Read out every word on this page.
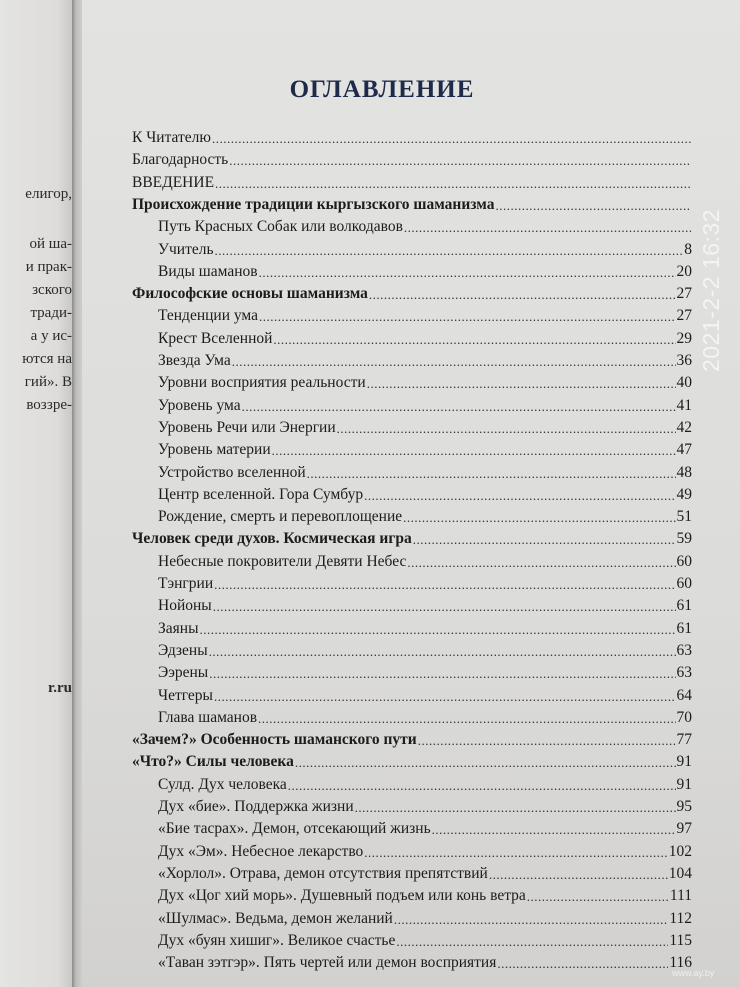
елигор,
ой ша-
и прак-
зского
тради-
а у ис-
ются на
гий». В
воззре-
r.ru
ОГЛАВЛЕНИЕ
К Читателю
.....
Благодарность
.....
ВВЕДЕНИЕ
.....
Происхождение традиции кыргызского шаманизма
.....
Путь Красных Собак или волкодавов
.....
Учитель .....	8
Виды шаманов .....	20
Философские основы шаманизма .....	27
Тенденции ума .....	27
Крест Вселенной .....	29
Звезда Ума .....	36
Уровни восприятия реальности .....	40
Уровень ума .....	41
Уровень Речи или Энергии .....	42
Уровень материи .....	47
Устройство вселенной .....	48
Центр вселенной. Гора Сумбур .....	49
Рождение, смерть и перевоплощение .....	51
Человек среди духов. Космическая игра .....	59
Небесные покровители Девяти Небес .....	60
Тэнгрии .....	60
Нойоны .....	61
Заяны .....	61
Эдзены .....	63
Ээрены .....	63
Четгеры .....	64
Глава шаманов .....	70
«Зачем?» Особенность шаманского пути .....	77
«Что?» Силы человека .....	91
Сулд. Дух человека .....	91
Дух «бие». Поддержка жизни .....	95
«Бие тасрах». Демон, отсекающий жизнь .....	97
Дух «Эм». Небесное лекарство .....	102
«Хорлол». Отрава, демон отсутствия препятствий .....	104
Дух «Цог хий морь». Душевный подъем или конь ветра .....	111
«Шулмас». Ведьма, демон желаний .....	112
Дух «буян хишиг». Великое счастье .....	115
«Таван зэтгэр». Пять чертей или демон восприятия .....	116
2021-2-2 16:32
www.ay.by
